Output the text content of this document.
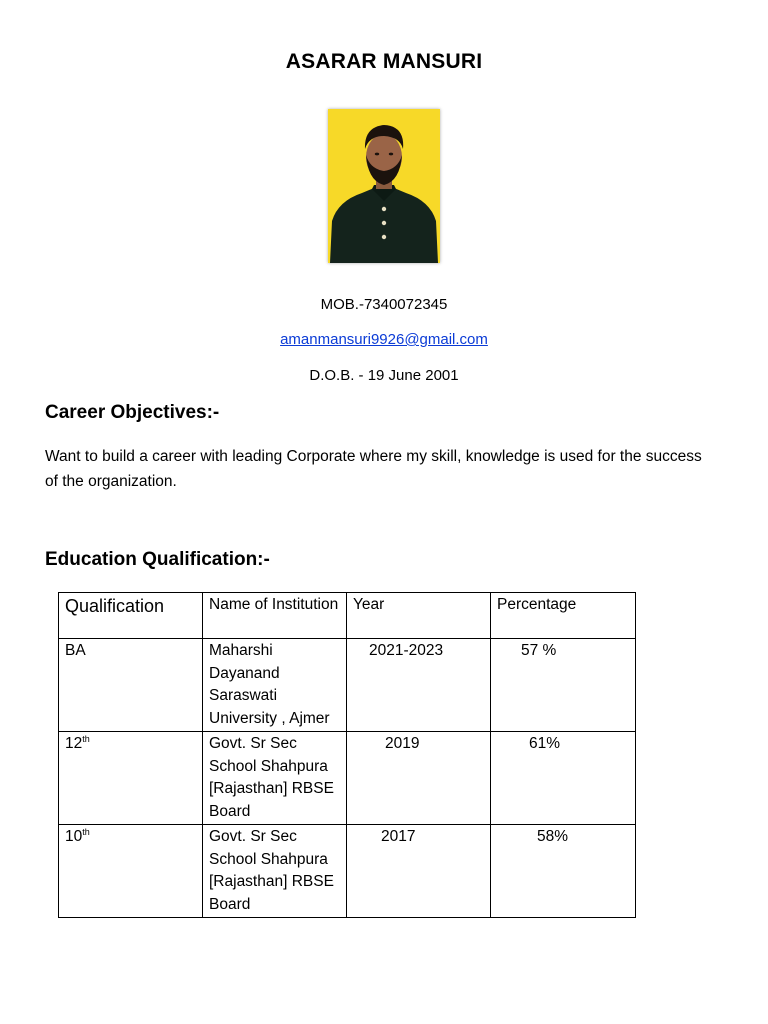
ASARAR MANSURI
MOB.-7340072345
amanmansuri9926@gmail.com
D.O.B. - 19 June 2001
Career Objectives:-
Want to build a career with leading Corporate where my skill, knowledge is used for the success of the organization.
Education Qualification:-
Qualification	Name of Institution	Year	Percentage
BA	Maharshi Dayanand Saraswati University , Ajmer	2021-2023	57 %
12th	Govt. Sr Sec School Shahpura [Rajasthan] RBSE Board	2019	61%
10th	Govt. Sr Sec School Shahpura [Rajasthan] RBSE Board	2017	58%
